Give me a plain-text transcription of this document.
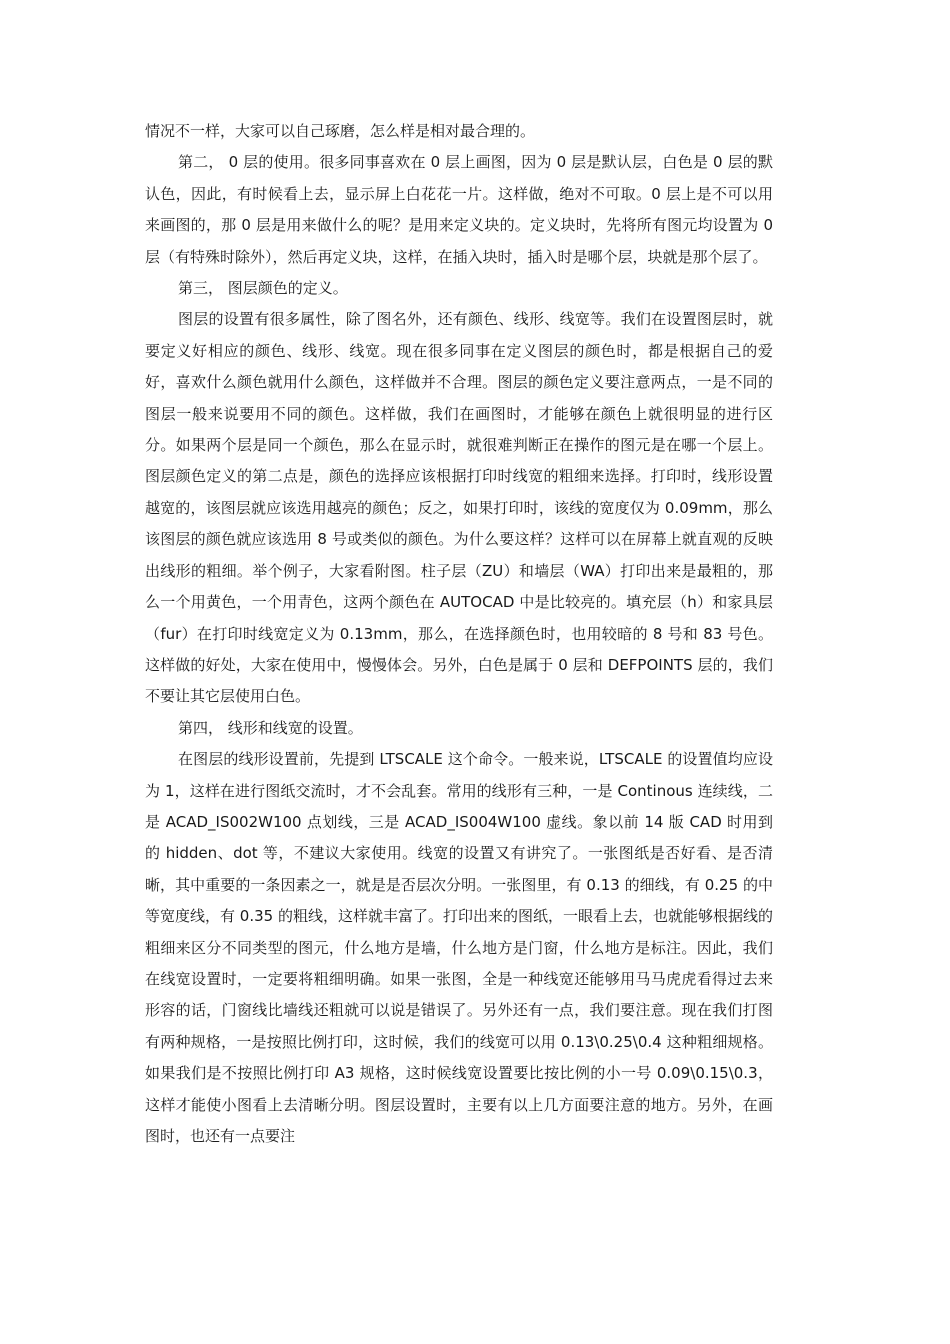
情况不一样，大家可以自己琢磨，怎么样是相对最合理的。

第二， 0 层的使用。很多同事喜欢在 0 层上画图，因为 0 层是默认层，白色是 0 层的默认色，因此，有时候看上去，显示屏上白花花一片。这样做，绝对不可取。0 层上是不可以用来画图的，那 0 层是用来做什么的呢？是用来定义块的。定义块时，先将所有图元均设置为 0 层（有特殊时除外），然后再定义块，这样，在插入块时，插入时是哪个层，块就是那个层了。

第三， 图层颜色的定义。

图层的设置有很多属性，除了图名外，还有颜色、线形、线宽等。我们在设置图层时，就要定义好相应的颜色、线形、线宽。现在很多同事在定义图层的颜色时，都是根据自己的爱好，喜欢什么颜色就用什么颜色，这样做并不合理。图层的颜色定义要注意两点，一是不同的图层一般来说要用不同的颜色。这样做，我们在画图时，才能够在颜色上就很明显的进行区分。如果两个层是同一个颜色，那么在显示时，就很难判断正在操作的图元是在哪一个层上。图层颜色定义的第二点是，颜色的选择应该根据打印时线宽的粗细来选择。打印时，线形设置越宽的，该图层就应该选用越亮的颜色；反之，如果打印时，该线的宽度仅为 0.09mm，那么该图层的颜色就应该选用 8 号或类似的颜色。为什么要这样？这样可以在屏幕上就直观的反映出线形的粗细。举个例子，大家看附图。柱子层（ZU）和墙层（WA）打印出来是最粗的，那么一个用黄色，一个用青色，这两个颜色在 AUTOCAD 中是比较亮的。填充层（h）和家具层（fur）在打印时线宽定义为 0.13mm，那么，在选择颜色时，也用较暗的 8 号和 83 号色。这样做的好处，大家在使用中，慢慢体会。另外，白色是属于 0 层和 DEFPOINTS 层的，我们不要让其它层使用白色。

第四， 线形和线宽的设置。

在图层的线形设置前，先提到 LTSCALE 这个命令。一般来说，LTSCALE 的设置值均应设为 1，这样在进行图纸交流时，才不会乱套。常用的线形有三种，一是 Continous 连续线，二是 ACAD_IS002W100 点划线，三是 ACAD_IS004W100 虚线。象以前 14 版 CAD 时用到的 hidden、dot 等，不建议大家使用。线宽的设置又有讲究了。一张图纸是否好看、是否清晰，其中重要的一条因素之一，就是是否层次分明。一张图里，有 0.13 的细线，有 0.25 的中等宽度线，有 0.35 的粗线，这样就丰富了。打印出来的图纸，一眼看上去，也就能够根据线的粗细来区分不同类型的图元，什么地方是墙，什么地方是门窗，什么地方是标注。因此，我们在线宽设置时，一定要将粗细明确。如果一张图，全是一种线宽还能够用马马虎虎看得过去来形容的话，门窗线比墙线还粗就可以说是错误了。另外还有一点，我们要注意。现在我们打图有两种规格，一是按照比例打印，这时候，我们的线宽可以用 0.13\0.25\0.4 这种粗细规格。如果我们是不按照比例打印 A3 规格，这时候线宽设置要比按比例的小一号 0.09\0.15\0.3，这样才能使小图看上去清晰分明。图层设置时，主要有以上几方面要注意的地方。另外，在画图时，也还有一点要注
